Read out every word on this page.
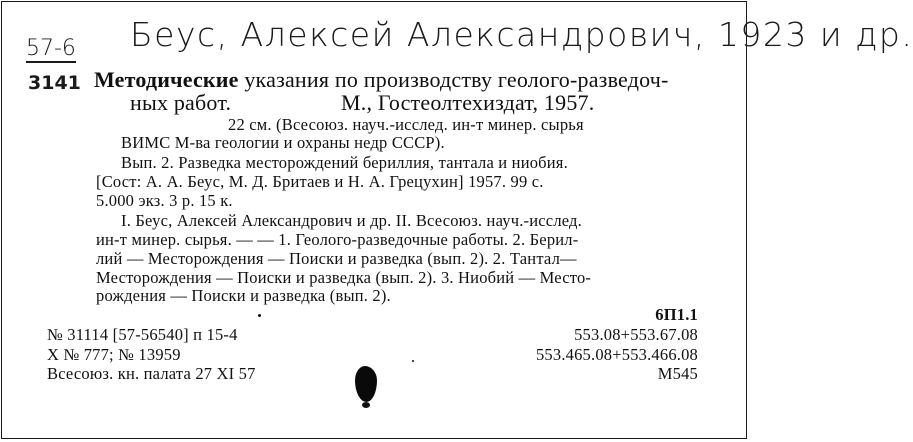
57-6 Беус, Алексей Александрович, 1923 и др.
3141 Методические указания по производству геолого-разведоч-
ных работ.	М., Гостеолтехиздат, 1957.
22 см. (Всесоюз. науч.-исслед. ин-т минер. сырья
ВИМС М-ва геологии и охраны недр СССР).
Вып. 2. Разведка месторождений бериллия, тантала и ниобия.
[Сост: А. А. Беус, М. Д. Бритаев и Н. А. Грецухин] 1957. 99 с.
5.000 экз. 3 р. 15 к.
I. Беус, Алексей Александрович и др. II. Всесоюз. науч.-исслед.
ин-т минер. сырья. — — 1. Геолого-разведочные работы. 2. Берил-
лий — Месторождения — Поиски и разведка (вып. 2). 2. Тантал—
Месторождения — Поиски и разведка (вып. 2). 3. Ниобий — Место-
рождения — Поиски и разведка (вып. 2).
№ 31114 [57-56540] п 15-4
Х № 777; № 13959
Всесоюз. кн. палата 27 XI 57
6П1.1
553.08+553.67.08
553.465.08+553.466.08
М545
